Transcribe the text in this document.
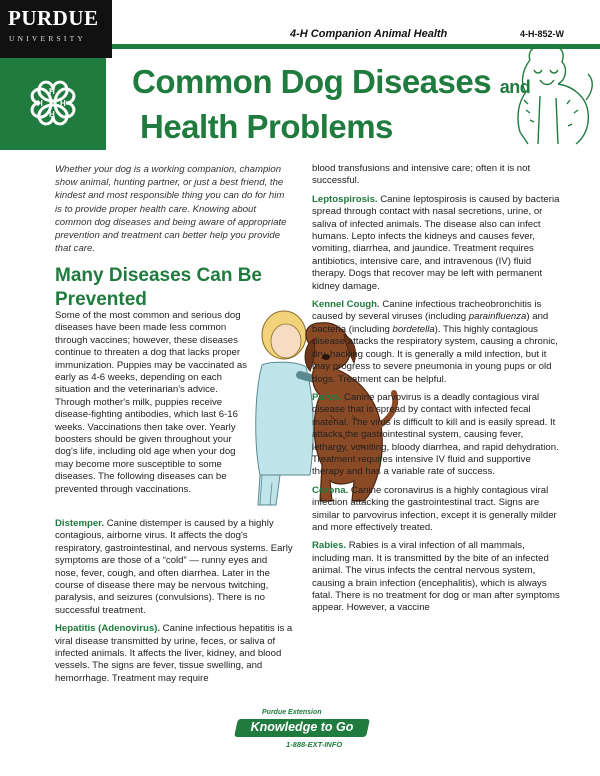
PURDUE
UNIVERSITY	4-H Companion Animal Health	4-H-852-W
H
H
H
H
Common Dog Diseases and
Health Problems
Whether your dog is a working companion, champion show animal, hunting partner, or just a best friend, the kindest and most responsible thing you can do for him is to provide proper health care. Knowing about common dog diseases and being aware of appropriate prevention and treatment can better help you provide that care.
Many Diseases Can Be Prevented

Some of the most common and serious dog diseases have been made less common through vaccines; however, these diseases continue to threaten a dog that lacks proper immunization. Puppies may be vaccinated as early as 4-6 weeks, depending on each situation and the veterinarian's advice. Through mother's milk, puppies receive disease-fighting antibodies, which last 6-16 weeks. Vaccinations then take over. Yearly boosters should be given throughout your dog's life, including old age when your dog may become more susceptible to some diseases. The following diseases can be prevented through vaccinations.

Distemper. Canine distemper is caused by a highly contagious, airborne virus. It affects the dog's respiratory, gastrointestinal, and nervous systems. Early symptoms are those of a “cold” — runny eyes and nose, fever, cough, and often diarrhea. Later in the course of disease there may be nervous twitching, paralysis, and seizures (convulsions). There is no successful treatment.

Hepatitis (Adenovirus). Canine infectious hepatitis is a viral disease transmitted by urine, feces, or saliva of infected animals. It affects the liver, kidney, and blood vessels. The signs are fever, tissue swelling, and hemorrhage. Treatment may require

blood transfusions and intensive care; often it is not successful.

Leptospirosis. Canine leptospirosis is caused by bacteria spread through contact with nasal secretions, urine, or saliva of infected animals. The disease also can infect humans. Lepto infects the kidneys and causes fever, vomiting, diarrhea, and jaundice. Treatment requires antibiotics, intensive care, and intravenous (IV) fluid therapy. Dogs that recover may be left with permanent kidney damage.

Kennel Cough. Canine infectious tracheobronchitis is caused by several viruses (including parainfluenza) and bacteria (including bordetella). This highly contagious disease attacks the respiratory system, causing a chronic, dry, hacking cough. It is generally a mild infection, but it may progress to severe pneumonia in young pups or old dogs. Treatment can be helpful.

Parvo. Canine parvovirus is a deadly contagious viral disease that is spread by contact with infected fecal material. The virus is difficult to kill and is easily spread. It attacks the gastrointestinal system, causing fever, lethargy, vomiting, bloody diarrhea, and rapid dehydration. Treatment requires intensive IV fluid and supportive therapy and has a variable rate of success.

Corona. Canine coronavirus is a highly contagious viral infection attacking the gastrointestinal tract. Signs are similar to parvovirus infection, except it is generally milder and more effectively treated.

Rabies. Rabies is a viral infection of all mammals, including man. It is transmitted by the bite of an infected animal. The virus infects the central nervous system, causing a brain infection (encephalitis), which is always fatal. There is no treatment for dog or man after symptoms appear. However, a vaccine

Purdue Extension
Knowledge to Go
1-888-EXT-INFO
